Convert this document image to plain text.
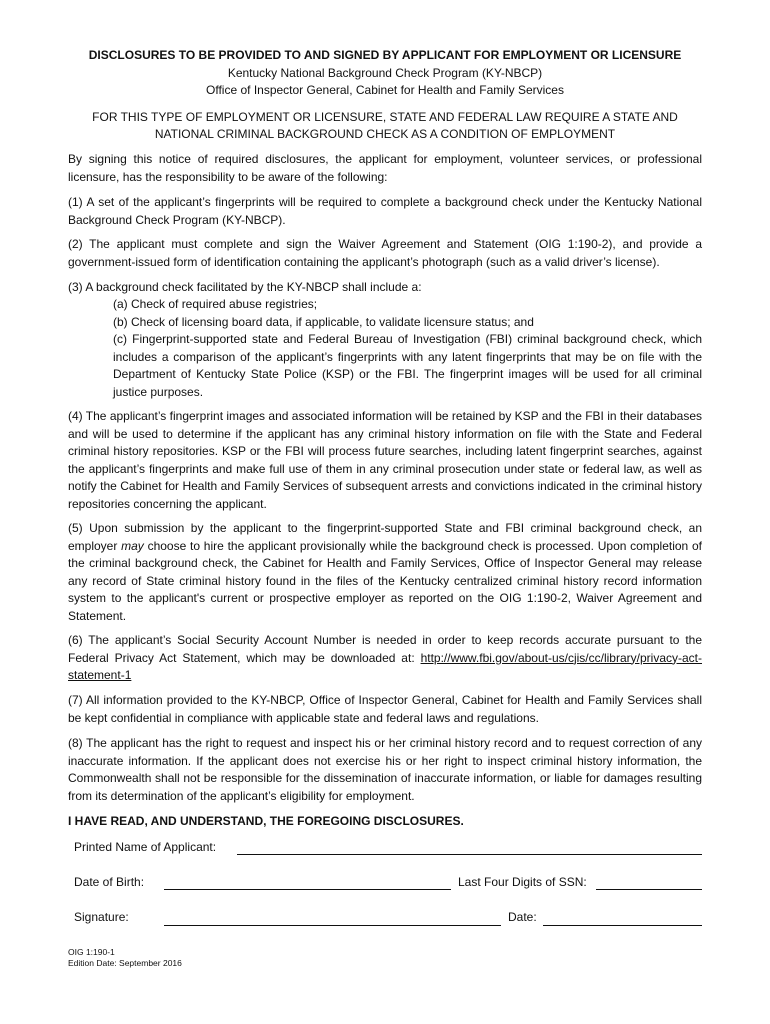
DISCLOSURES TO BE PROVIDED TO AND SIGNED BY APPLICANT FOR EMPLOYMENT OR LICENSURE
Kentucky National Background Check Program (KY-NBCP)
Office of Inspector General, Cabinet for Health and Family Services
FOR THIS TYPE OF EMPLOYMENT OR LICENSURE, STATE AND FEDERAL LAW REQUIRE A STATE AND NATIONAL CRIMINAL BACKGROUND CHECK AS A CONDITION OF EMPLOYMENT
By signing this notice of required disclosures, the applicant for employment, volunteer services, or professional licensure, has the responsibility to be aware of the following:
(1) A set of the applicant’s fingerprints will be required to complete a background check under the Kentucky National Background Check Program (KY-NBCP).
(2) The applicant must complete and sign the Waiver Agreement and Statement (OIG 1:190-2), and provide a government-issued form of identification containing the applicant’s photograph (such as a valid driver’s license).
(3) A background check facilitated by the KY-NBCP shall include a:
(a) Check of required abuse registries;
(b) Check of licensing board data, if applicable, to validate licensure status; and
(c) Fingerprint-supported state and Federal Bureau of Investigation (FBI) criminal background check, which includes a comparison of the applicant’s fingerprints with any latent fingerprints that may be on file with the Department of Kentucky State Police (KSP) or the FBI. The fingerprint images will be used for all criminal justice purposes.
(4) The applicant’s fingerprint images and associated information will be retained by KSP and the FBI in their databases and will be used to determine if the applicant has any criminal history information on file with the State and Federal criminal history repositories. KSP or the FBI will process future searches, including latent fingerprint searches, against the applicant’s fingerprints and make full use of them in any criminal prosecution under state or federal law, as well as notify the Cabinet for Health and Family Services of subsequent arrests and convictions indicated in the criminal history repositories concerning the applicant.
(5) Upon submission by the applicant to the fingerprint-supported State and FBI criminal background check, an employer may choose to hire the applicant provisionally while the background check is processed. Upon completion of the criminal background check, the Cabinet for Health and Family Services, Office of Inspector General may release any record of State criminal history found in the files of the Kentucky centralized criminal history record information system to the applicant's current or prospective employer as reported on the OIG 1:190-2, Waiver Agreement and Statement.
(6) The applicant’s Social Security Account Number is needed in order to keep records accurate pursuant to the Federal Privacy Act Statement, which may be downloaded at: http://www.fbi.gov/about-us/cjis/cc/library/privacy-act-statement-1
(7) All information provided to the KY-NBCP, Office of Inspector General, Cabinet for Health and Family Services shall be kept confidential in compliance with applicable state and federal laws and regulations.
(8) The applicant has the right to request and inspect his or her criminal history record and to request correction of any inaccurate information. If the applicant does not exercise his or her right to inspect criminal history information, the Commonwealth shall not be responsible for the dissemination of inaccurate information, or liable for damages resulting from its determination of the applicant’s eligibility for employment.
I HAVE READ, AND UNDERSTAND, THE FOREGOING DISCLOSURES.
Printed Name of Applicant:
Date of Birth:	Last Four Digits of SSN:
Signature:	Date:
OIG 1:190-1
Edition Date: September 2016
